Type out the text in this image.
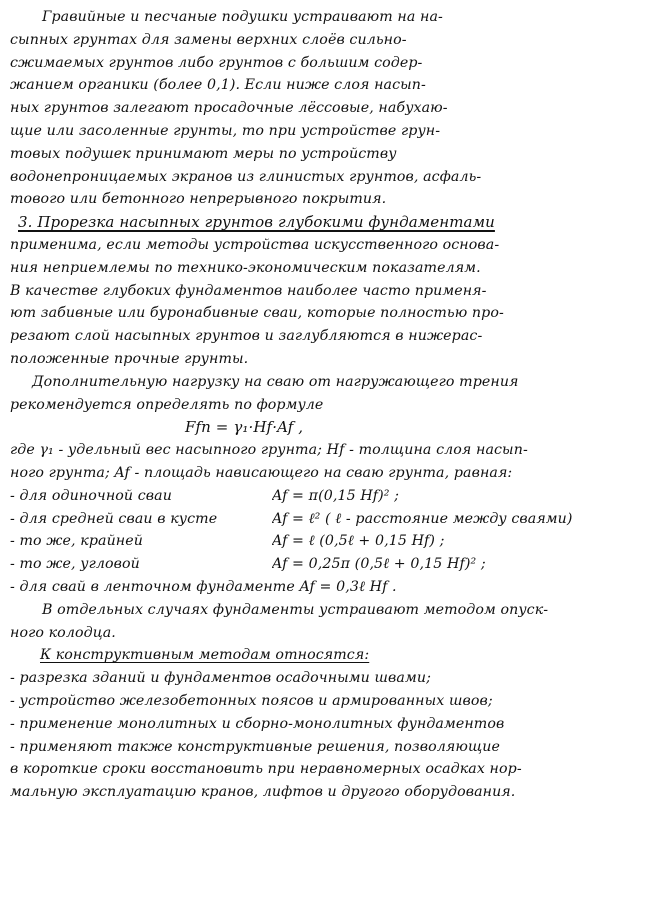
Гравийные и песчаные подушки устраивают на на-
сыпных грунтах для замены верхних слоёв сильно-
сжимаемых грунтов либо грунтов с большим содер-
жанием органики (более 0,1). Если ниже слоя насып-
ных грунтов залегают просадочные лёссовые, набухаю-
щие или засоленные грунты, то при устройстве грун-
товых подушек принимают меры по устройству
водонепроницаемых экранов из глинистых грунтов, асфаль-
тового или бетонного непрерывного покрытия.
3. Прорезка насыпных грунтов глубокими фундаментами
применима, если методы устройства искусственного основа-
ния неприемлемы по технико-экономическим показателям.
В качестве глубоких фундаментов наиболее часто применя-
ют забивные или буронабивные сваи, которые полностью про-
резают слой насыпных грунтов и заглубляются в нижерас-
положенные прочные грунты.
Дополнительную нагрузку на сваю от нагружающего трения
рекомендуется определять по формуле
Ffn = γ₁·Hf·Af ,
где γ₁ - удельный вес насыпного грунта; Hf - толщина слоя насып-
ного грунта; Af - площадь нависающего на сваю грунта, равная:
- для одиночной сваи	Af = π(0,15 Hf)² ;
- для средней сваи в кусте	Af = ℓ² ( ℓ - расстояние между сваями)
- то же, крайней	Af = ℓ (0,5ℓ + 0,15 Hf) ;
- то же, угловой	Af = 0,25π (0,5ℓ + 0,15 Hf)² ;
- для свай в ленточном фундаменте Af = 0,3ℓ Hf .
В отдельных случаях фундаменты устраивают методом опуск-
ного колодца.
К конструктивным методам относятся:
- разрезка зданий и фундаментов осадочными швами;
- устройство железобетонных поясов и армированных швов;
- применение монолитных и сборно-монолитных фундаментов
- применяют также конструктивные решения, позволяющие
в короткие сроки восстановить при неравномерных осадках нор-
мальную эксплуатацию кранов, лифтов и другого оборудования.
